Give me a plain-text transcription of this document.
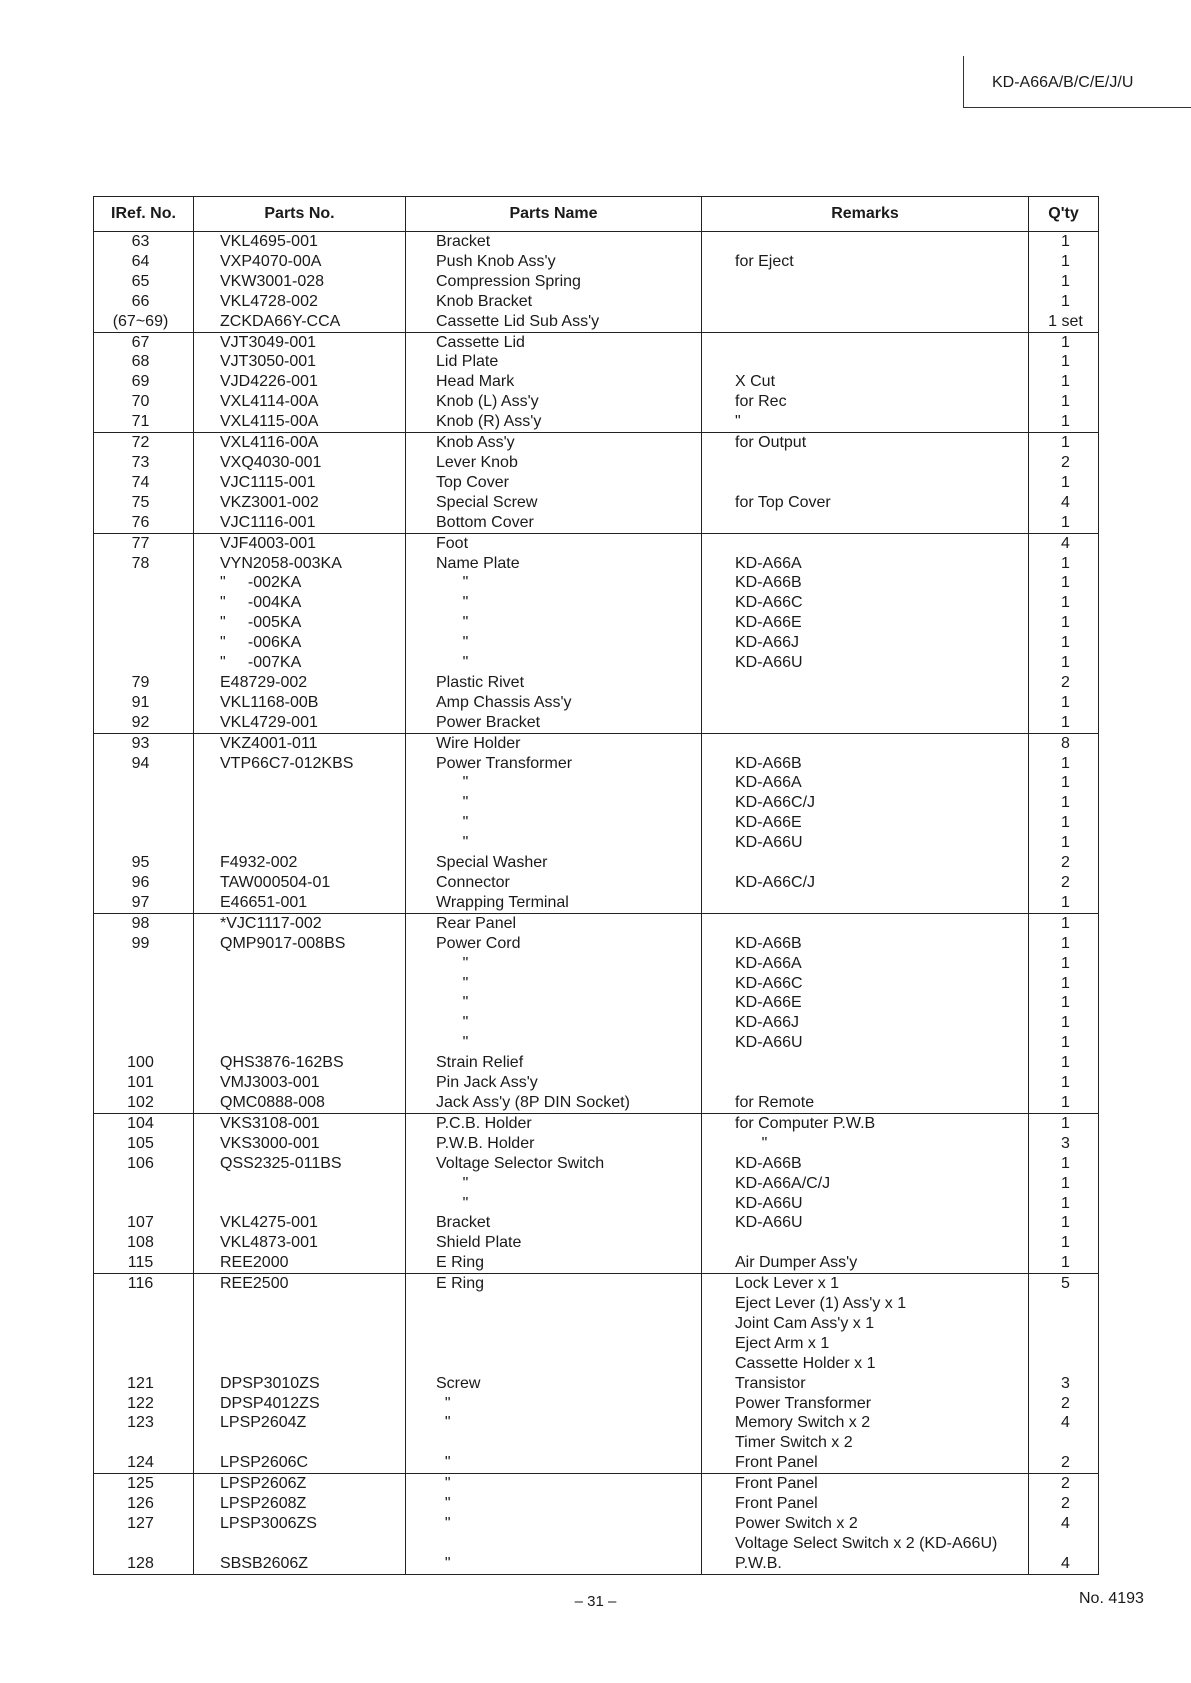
KD-A66A/B/C/E/J/U
IRef. No.	Parts No.	Parts Name	Remarks	Q'ty
63	VKL4695-001	Bracket		1
64	VXP4070-00A	Push Knob Ass'y	for Eject	1
65	VKW3001-028	Compression Spring		1
66	VKL4728-002	Knob Bracket		1
(67~69)	ZCKDA66Y-CCA	Cassette Lid Sub Ass'y		1 set
67	VJT3049-001	Cassette Lid		1
68	VJT3050-001	Lid Plate		1
69	VJD4226-001	Head Mark	X Cut	1
70	VXL4114-00A	Knob (L) Ass'y	for Rec	1
71	VXL4115-00A	Knob (R) Ass'y	"	1
72	VXL4116-00A	Knob Ass'y	for Output	1
73	VXQ4030-001	Lever Knob		2
74	VJC1115-001	Top Cover		1
75	VKZ3001-002	Special Screw	for Top Cover	4
76	VJC1116-001	Bottom Cover		1
77	VJF4003-001	Foot		4
78	VYN2058-003KA	Name Plate	KD-A66A	1
	"     -002KA	"	KD-A66B	1
	"     -004KA	"	KD-A66C	1
	"     -005KA	"	KD-A66E	1
	"     -006KA	"	KD-A66J	1
	"     -007KA	"	KD-A66U	1
79	E48729-002	Plastic Rivet		2
91	VKL1168-00B	Amp Chassis Ass'y		1
92	VKL4729-001	Power Bracket		1
93	VKZ4001-011	Wire Holder		8
94	VTP66C7-012KBS	Power Transformer	KD-A66B	1
		"	KD-A66A	1
		"	KD-A66C/J	1
		"	KD-A66E	1
		"	KD-A66U	1
95	F4932-002	Special Washer		2
96	TAW000504-01	Connector	KD-A66C/J	2
97	E46651-001	Wrapping Terminal		1
98	*VJC1117-002	Rear Panel		1
99	QMP9017-008BS	Power Cord	KD-A66B	1
		"	KD-A66A	1
		"	KD-A66C	1
		"	KD-A66E	1
		"	KD-A66J	1
		"	KD-A66U	1
100	QHS3876-162BS	Strain Relief		1
101	VMJ3003-001	Pin Jack Ass'y		1
102	QMC0888-008	Jack Ass'y (8P DIN Socket)	for Remote	1
104	VKS3108-001	P.C.B. Holder	for Computer P.W.B	1
105	VKS3000-001	P.W.B. Holder	"	3
106	QSS2325-011BS	Voltage Selector Switch	KD-A66B	1
		"	KD-A66A/C/J	1
		"	KD-A66U	1
107	VKL4275-001	Bracket	KD-A66U	1
108	VKL4873-001	Shield Plate		1
115	REE2000	E Ring	Air Dumper Ass'y	1
116	REE2500	E Ring	Lock Lever x 1	5
			Eject Lever (1) Ass'y x 1	
			Joint Cam Ass'y x 1	
			Eject Arm x 1	
			Cassette Holder x 1	
121	DPSP3010ZS	Screw	Transistor	3
122	DPSP4012ZS	"	Power Transformer	2
123	LPSP2604Z	"	Memory Switch x 2	4
			Timer Switch x 2	
124	LPSP2606C	"	Front Panel	2
125	LPSP2606Z	"	Front Panel	2
126	LPSP2608Z	"	Front Panel	2
127	LPSP3006ZS	"	Power Switch x 2	4
			Voltage Select Switch x 2 (KD-A66U)	
128	SBSB2606Z	"	P.W.B.	4
– 31 –	No. 4193
